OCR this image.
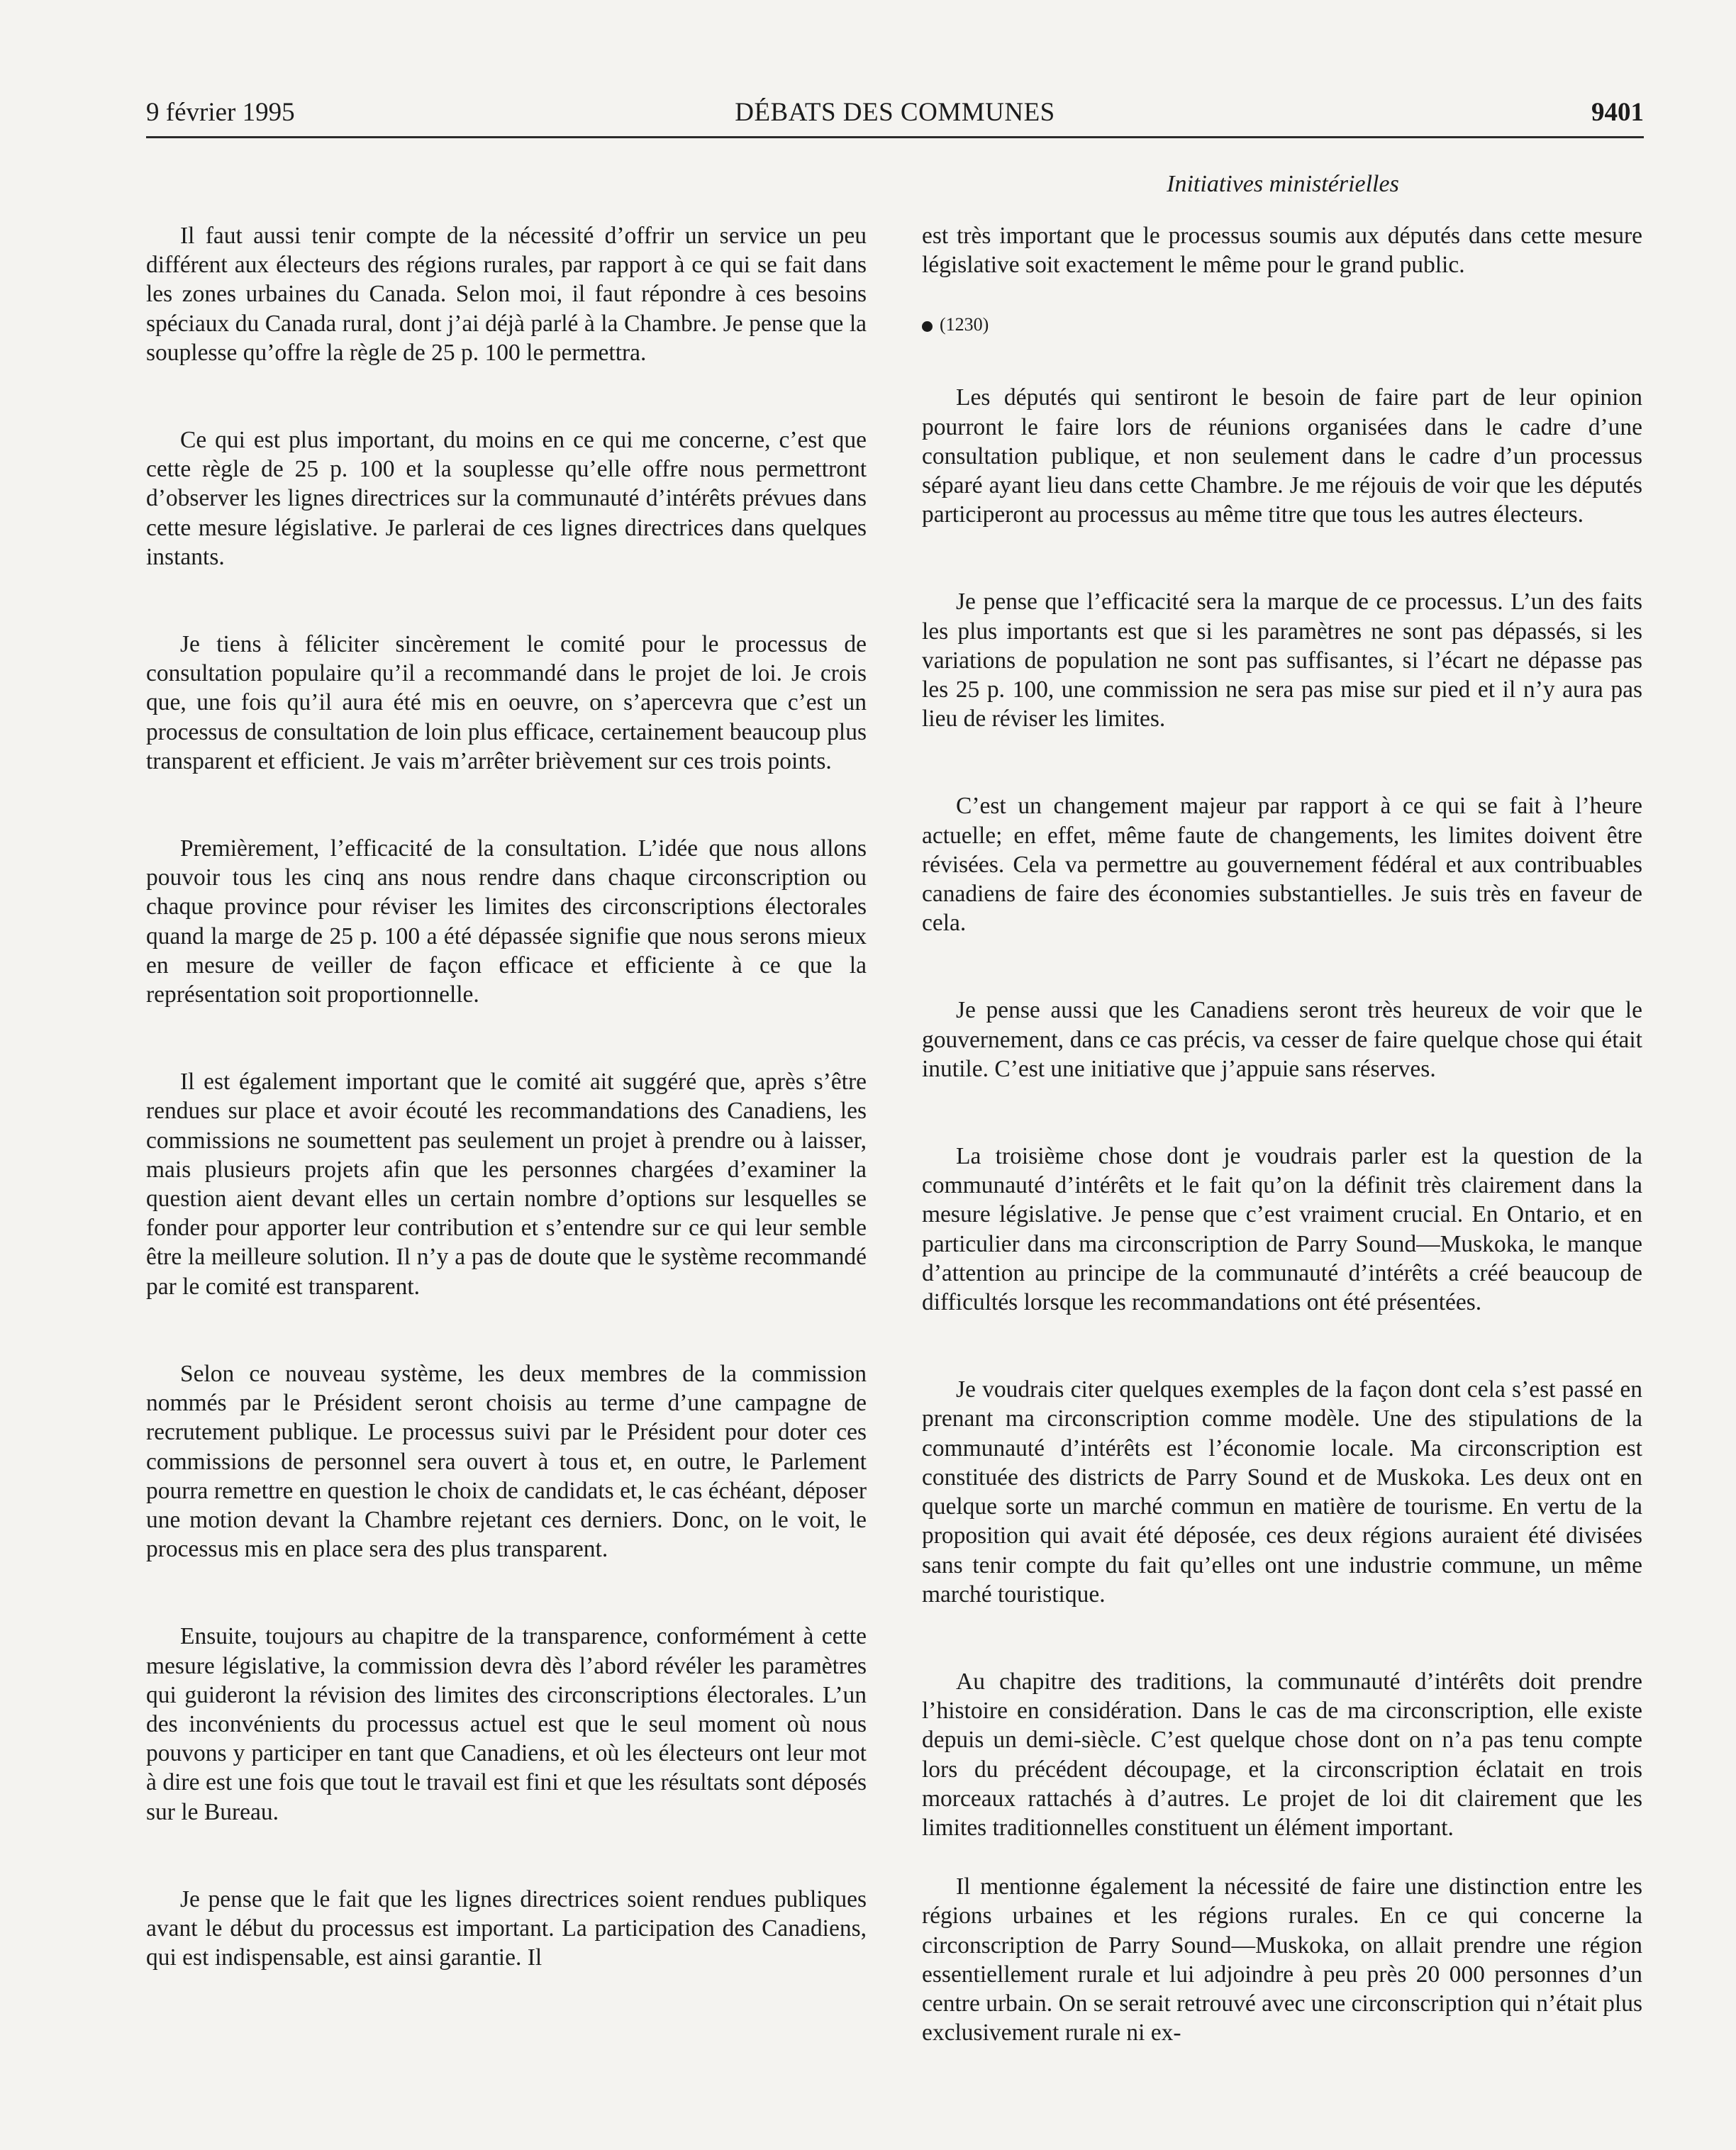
9 février 1995	DÉBATS DES COMMUNES	9401
Initiatives ministérielles

Il faut aussi tenir compte de la nécessité d’offrir un service un peu différent aux électeurs des régions rurales, par rapport à ce qui se fait dans les zones urbaines du Canada. Selon moi, il faut répondre à ces besoins spéciaux du Canada rural, dont j’ai déjà parlé à la Chambre. Je pense que la souplesse qu’offre la règle de 25 p. 100 le permettra.

Ce qui est plus important, du moins en ce qui me concerne, c’est que cette règle de 25 p. 100 et la souplesse qu’elle offre nous permettront d’observer les lignes directrices sur la communauté d’intérêts prévues dans cette mesure législative. Je parlerai de ces lignes directrices dans quelques instants.

Je tiens à féliciter sincèrement le comité pour le processus de consultation populaire qu’il a recommandé dans le projet de loi. Je crois que, une fois qu’il aura été mis en oeuvre, on s’apercevra que c’est un processus de consultation de loin plus efficace, certainement beaucoup plus transparent et efficient. Je vais m’arrêter brièvement sur ces trois points.

Premièrement, l’efficacité de la consultation. L’idée que nous allons pouvoir tous les cinq ans nous rendre dans chaque circonscription ou chaque province pour réviser les limites des circonscriptions électorales quand la marge de 25 p. 100 a été dépassée signifie que nous serons mieux en mesure de veiller de façon efficace et efficiente à ce que la représentation soit proportionnelle.

Il est également important que le comité ait suggéré que, après s’être rendues sur place et avoir écouté les recommandations des Canadiens, les commissions ne soumettent pas seulement un projet à prendre ou à laisser, mais plusieurs projets afin que les personnes chargées d’examiner la question aient devant elles un certain nombre d’options sur lesquelles se fonder pour apporter leur contribution et s’entendre sur ce qui leur semble être la meilleure solution. Il n’y a pas de doute que le système recommandé par le comité est transparent.

Selon ce nouveau système, les deux membres de la commission nommés par le Président seront choisis au terme d’une campagne de recrutement publique. Le processus suivi par le Président pour doter ces commissions de personnel sera ouvert à tous et, en outre, le Parlement pourra remettre en question le choix de candidats et, le cas échéant, déposer une motion devant la Chambre rejetant ces derniers. Donc, on le voit, le processus mis en place sera des plus transparent.

Ensuite, toujours au chapitre de la transparence, conformément à cette mesure législative, la commission devra dès l’abord révéler les paramètres qui guideront la révision des limites des circonscriptions électorales. L’un des inconvénients du processus actuel est que le seul moment où nous pouvons y participer en tant que Canadiens, et où les électeurs ont leur mot à dire est une fois que tout le travail est fini et que les résultats sont déposés sur le Bureau.

Je pense que le fait que les lignes directrices soient rendues publiques avant le début du processus est important. La participation des Canadiens, qui est indispensable, est ainsi garantie. Il

est très important que le processus soumis aux députés dans cette mesure législative soit exactement le même pour le grand public.

(1230)

Les députés qui sentiront le besoin de faire part de leur opinion pourront le faire lors de réunions organisées dans le cadre d’une consultation publique, et non seulement dans le cadre d’un processus séparé ayant lieu dans cette Chambre. Je me réjouis de voir que les députés participeront au processus au même titre que tous les autres électeurs.

Je pense que l’efficacité sera la marque de ce processus. L’un des faits les plus importants est que si les paramètres ne sont pas dépassés, si les variations de population ne sont pas suffisantes, si l’écart ne dépasse pas les 25 p. 100, une commission ne sera pas mise sur pied et il n’y aura pas lieu de réviser les limites.

C’est un changement majeur par rapport à ce qui se fait à l’heure actuelle; en effet, même faute de changements, les limites doivent être révisées. Cela va permettre au gouvernement fédéral et aux contribuables canadiens de faire des économies substantielles. Je suis très en faveur de cela.

Je pense aussi que les Canadiens seront très heureux de voir que le gouvernement, dans ce cas précis, va cesser de faire quelque chose qui était inutile. C’est une initiative que j’appuie sans réserves.

La troisième chose dont je voudrais parler est la question de la communauté d’intérêts et le fait qu’on la définit très clairement dans la mesure législative. Je pense que c’est vraiment crucial. En Ontario, et en particulier dans ma circonscription de Parry Sound—Muskoka, le manque d’attention au principe de la communauté d’intérêts a créé beaucoup de difficultés lorsque les recommandations ont été présentées.

Je voudrais citer quelques exemples de la façon dont cela s’est passé en prenant ma circonscription comme modèle. Une des stipulations de la communauté d’intérêts est l’économie locale. Ma circonscription est constituée des districts de Parry Sound et de Muskoka. Les deux ont en quelque sorte un marché commun en matière de tourisme. En vertu de la proposition qui avait été déposée, ces deux régions auraient été divisées sans tenir compte du fait qu’elles ont une industrie commune, un même marché touristique.

Au chapitre des traditions, la communauté d’intérêts doit prendre l’histoire en considération. Dans le cas de ma circonscription, elle existe depuis un demi-siècle. C’est quelque chose dont on n’a pas tenu compte lors du précédent découpage, et la circonscription éclatait en trois morceaux rattachés à d’autres. Le projet de loi dit clairement que les limites traditionnelles constituent un élément important.

Il mentionne également la nécessité de faire une distinction entre les régions urbaines et les régions rurales. En ce qui concerne la circonscription de Parry Sound—Muskoka, on allait prendre une région essentiellement rurale et lui adjoindre à peu près 20 000 personnes d’un centre urbain. On se serait retrouvé avec une circonscription qui n’était plus exclusivement rurale ni ex-
